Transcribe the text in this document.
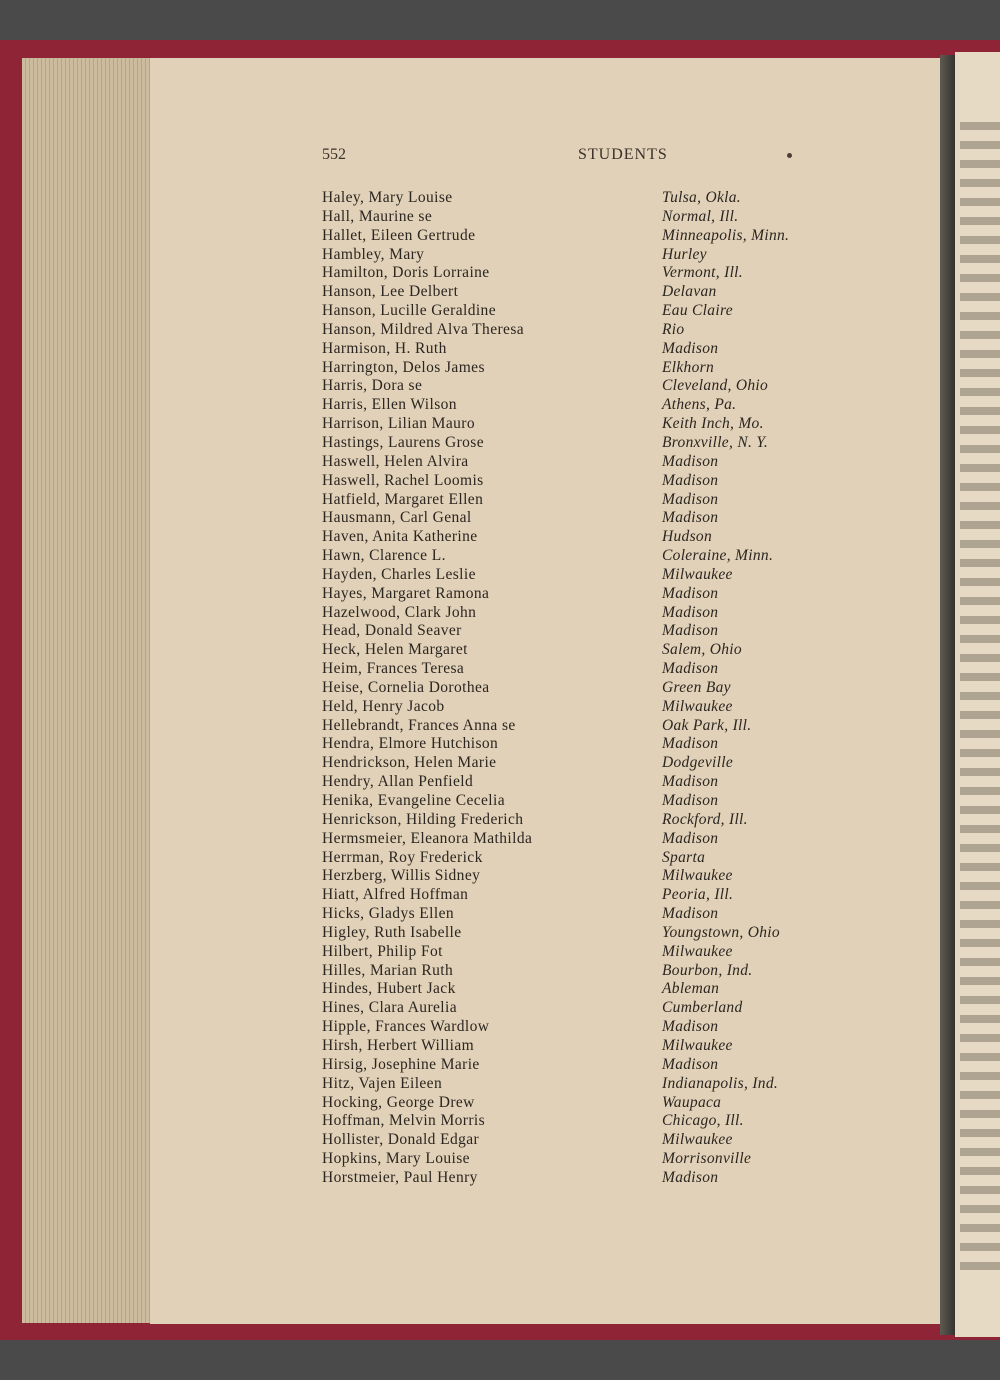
552	STUDENTS
Haley, Mary Louise	Tulsa, Okla.
Hall, Maurine se	Normal, Ill.
Hallet, Eileen Gertrude	Minneapolis, Minn.
Hambley, Mary	Hurley
Hamilton, Doris Lorraine	Vermont, Ill.
Hanson, Lee Delbert	Delavan
Hanson, Lucille Geraldine	Eau Claire
Hanson, Mildred Alva Theresa	Rio
Harmison, H. Ruth	Madison
Harrington, Delos James	Elkhorn
Harris, Dora se	Cleveland, Ohio
Harris, Ellen Wilson	Athens, Pa.
Harrison, Lilian Mauro	Keith Inch, Mo.
Hastings, Laurens Grose	Bronxville, N. Y.
Haswell, Helen Alvira	Madison
Haswell, Rachel Loomis	Madison
Hatfield, Margaret Ellen	Madison
Hausmann, Carl Genal	Madison
Haven, Anita Katherine	Hudson
Hawn, Clarence L.	Coleraine, Minn.
Hayden, Charles Leslie	Milwaukee
Hayes, Margaret Ramona	Madison
Hazelwood, Clark John	Madison
Head, Donald Seaver	Madison
Heck, Helen Margaret	Salem, Ohio
Heim, Frances Teresa	Madison
Heise, Cornelia Dorothea	Green Bay
Held, Henry Jacob	Milwaukee
Hellebrandt, Frances Anna se	Oak Park, Ill.
Hendra, Elmore Hutchison	Madison
Hendrickson, Helen Marie	Dodgeville
Hendry, Allan Penfield	Madison
Henika, Evangeline Cecelia	Madison
Henrickson, Hilding Frederich	Rockford, Ill.
Hermsmeier, Eleanora Mathilda	Madison
Herrman, Roy Frederick	Sparta
Herzberg, Willis Sidney	Milwaukee
Hiatt, Alfred Hoffman	Peoria, Ill.
Hicks, Gladys Ellen	Madison
Higley, Ruth Isabelle	Youngstown, Ohio
Hilbert, Philip Fot	Milwaukee
Hilles, Marian Ruth	Bourbon, Ind.
Hindes, Hubert Jack	Ableman
Hines, Clara Aurelia	Cumberland
Hipple, Frances Wardlow	Madison
Hirsh, Herbert William	Milwaukee
Hirsig, Josephine Marie	Madison
Hitz, Vajen Eileen	Indianapolis, Ind.
Hocking, George Drew	Waupaca
Hoffman, Melvin Morris	Chicago, Ill.
Hollister, Donald Edgar	Milwaukee
Hopkins, Mary Louise	Morrisonville
Horstmeier, Paul Henry	Madison
